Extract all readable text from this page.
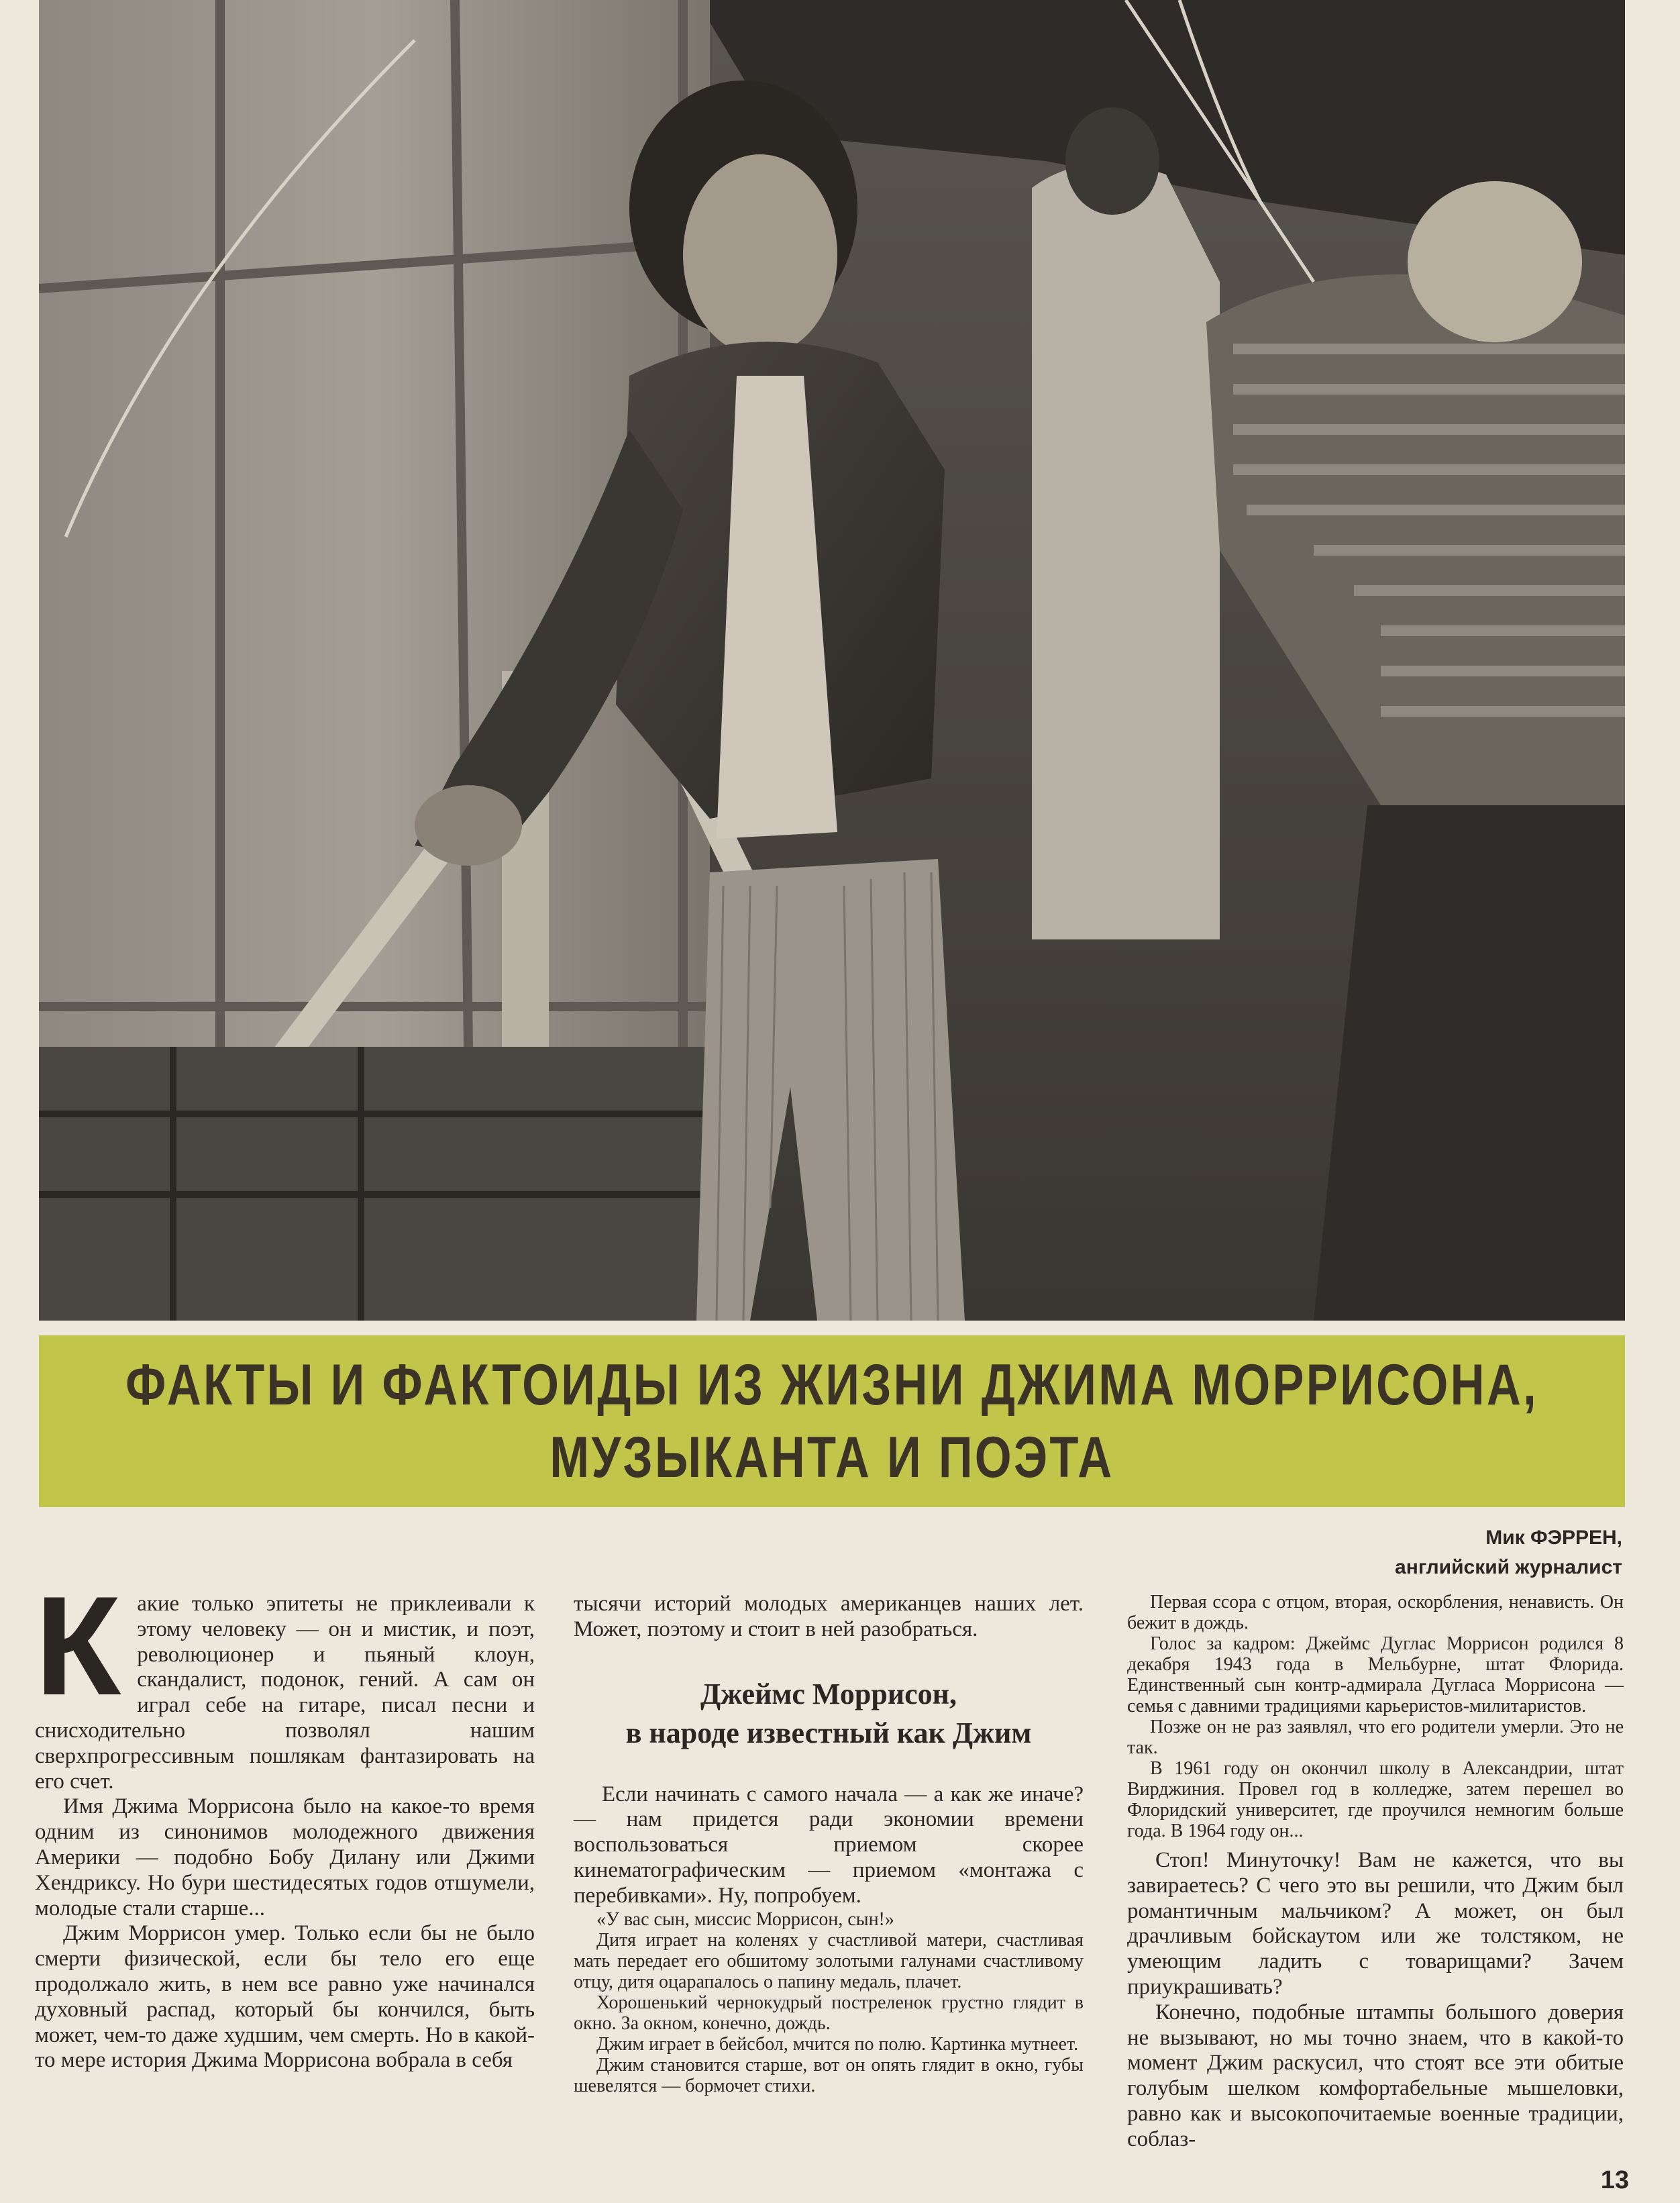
ФАКТЫ И ФАКТОИДЫ ИЗ ЖИЗНИ ДЖИМА МОРРИСОНА,
МУЗЫКАНТА И ПОЭТА
Мик ФЭРРЕН,
английский журналист
К акие только эпитеты не приклеивали к этому человеку — он и мистик, и поэт, революционер и пьяный клоун, скандалист, подонок, гений. А сам он играл себе на гитаре, писал песни и снисходительно позволял нашим сверхпрогрессивным пошлякам фантазировать на его счет.

Имя Джима Моррисона было на какое-то время одним из синонимов молодежного движения Америки — подобно Бобу Дилану или Джими Хендриксу. Но бури шестидесятых годов отшумели, молодые стали старше...

Джим Моррисон умер. Только если бы не было смерти физической, если бы тело его еще продолжало жить, в нем все равно уже начинался духовный распад, который бы кончился, быть может, чем-то даже худшим, чем смерть. Но в какой-то мере история Джима Моррисона вобрала в себя

тысячи историй молодых американцев наших лет. Может, поэтому и стоит в ней разобраться.

Джеймс Моррисон,
в народе известный как Джим

Если начинать с самого начала — а как же иначе? — нам придется ради экономии времени воспользоваться приемом скорее кинематографическим — приемом «монтажа с перебивками». Ну, попробуем.

«У вас сын, миссис Моррисон, сын!»

Дитя играет на коленях у счастливой матери, счастливая мать передает его обшитому золотыми галунами счастливому отцу, дитя оцарапалось о папину медаль, плачет.

Хорошенький чернокудрый постреленок грустно глядит в окно. За окном, конечно, дождь.

Джим играет в бейсбол, мчится по полю. Картинка мутнеет.

Джим становится старше, вот он опять глядит в окно, губы шевелятся — бормочет стихи.

Первая ссора с отцом, вторая, оскорбления, ненависть. Он бежит в дождь.

Голос за кадром: Джеймс Дуглас Моррисон родился 8 декабря 1943 года в Мельбурне, штат Флорида. Единственный сын контр-адмирала Дугласа Моррисона — семья с давними традициями карьеристов-милитаристов.

Позже он не раз заявлял, что его родители умерли. Это не так.

В 1961 году он окончил школу в Александрии, штат Вирджиния. Провел год в колледже, затем перешел во Флоридский университет, где проучился немногим больше года. В 1964 году он...

Стоп! Минуточку! Вам не кажется, что вы завираетесь? С чего это вы решили, что Джим был романтичным мальчиком? А может, он был драчливым бойскаутом или же толстяком, не умеющим ладить с товарищами? Зачем приукрашивать?

Конечно, подобные штампы большого доверия не вызывают, но мы точно знаем, что в какой-то момент Джим раскусил, что стоят все эти обитые голубым шелком комфортабельные мышеловки, равно как и высокопочитаемые военные традиции, соблаз-

13
